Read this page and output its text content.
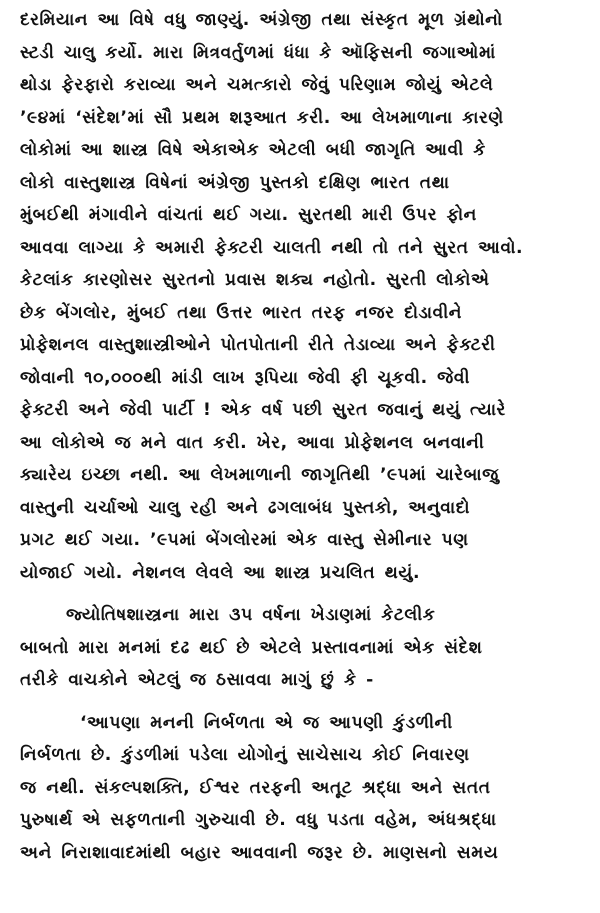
દરમિયાન આ વિષે વધુ જાણ્યું. અંગ્રેજી તથા સંસ્કૃત મૂળ ગ્રંથોનો
સ્ટડી ચાલુ કર્યો. મારા મિત્રવર્તુળમાં ધંધા કે ઑફિસની જગાઓમાં
થોડા ફેરફારો કરાવ્યા અને ચમત્કારો જેવું પરિણામ જોયું એટલે
’૯૪માં ‘સંદેશ’માં સૌ પ્રથમ શરૂઆત કરી. આ લેખમાળાના કારણે
લોકોમાં આ શાસ્ત્ર વિષે એકાએક એટલી બધી જાગૃતિ આવી કે
લોકો વાસ્તુશાસ્ત્ર વિષેનાં અંગ્રેજી પુસ્તકો દક્ષિણ ભારત તથા
મુંબઈથી મંગાવીને વાંચતાં થઈ ગયા. સુરતથી મારી ઉપર ફોન
આવવા લાગ્યા કે અમારી ફેક્ટરી ચાલતી નથી તો તને સુરત આવો.
કેટલાંક કારણોસર સુરતનો પ્રવાસ શક્ય નહોતો. સુરતી લોકોએ
છેક બેંગલોર, મુંબઈ તથા ઉત્તર ભારત તરફ નજર દોડાવીને
પ્રોફેશનલ વાસ્તુશાસ્ત્રીઓને પોતપોતાની રીતે તેડાવ્યા અને ફેક્ટરી
જોવાની ૧૦,૦૦૦થી માંડી લાખ રૂપિયા જેવી ફી ચૂકવી. જેવી
ફેક્ટરી અને જેવી પાર્ટી ! એક વર્ષ પછી સુરત જવાનું થયું ત્યારે
આ લોકોએ જ મને વાત કરી. ખેર, આવા પ્રોફેશનલ બનવાની
ક્યારેય ઇચ્છા નથી. આ લેખમાળાની જાગૃતિથી ’૯૫માં ચારેબાજુ
વાસ્તુની ચર્ચાઓ ચાલુ રહી અને ઢગલાબંધ પુસ્તકો, અનુવાદો
પ્રગટ થઈ ગયા. ’૯૫માં બેંગલોરમાં એક વાસ્તુ સેમીનાર પણ
યોજાઈ ગયો. નેશનલ લેવલે આ શાસ્ત્ર પ્રચલિત થયું.
જ્યોતિષશાસ્ત્રના મારા ૩૫ વર્ષના ખેડાણમાં કેટલીક
બાબતો મારા મનમાં દઢ થઈ છે એટલે પ્રસ્તાવનામાં એક સંદેશ
તરીકે વાચકોને એટલું જ ઠસાવવા માગું છું કે -
‘આપણા મનની નિર્બળતા એ જ આપણી કુંડળીની
નિર્બળતા છે. કુંડળીમાં પડેલા યોગોનું સાચેસાચ કોઈ નિવારણ
જ નથી. સંકલ્પશક્તિ, ઈશ્વર તરફની અતૂટ શ્રદ્ધા અને સતત
પુરુષાર્થ એ સફળતાની ગુરુચાવી છે. વધુ પડતા વહેમ, અંધશ્રદ્ધા
અને નિરાશાવાદમાંથી બહાર આવવાની જરૂર છે. માણસનો સમય
